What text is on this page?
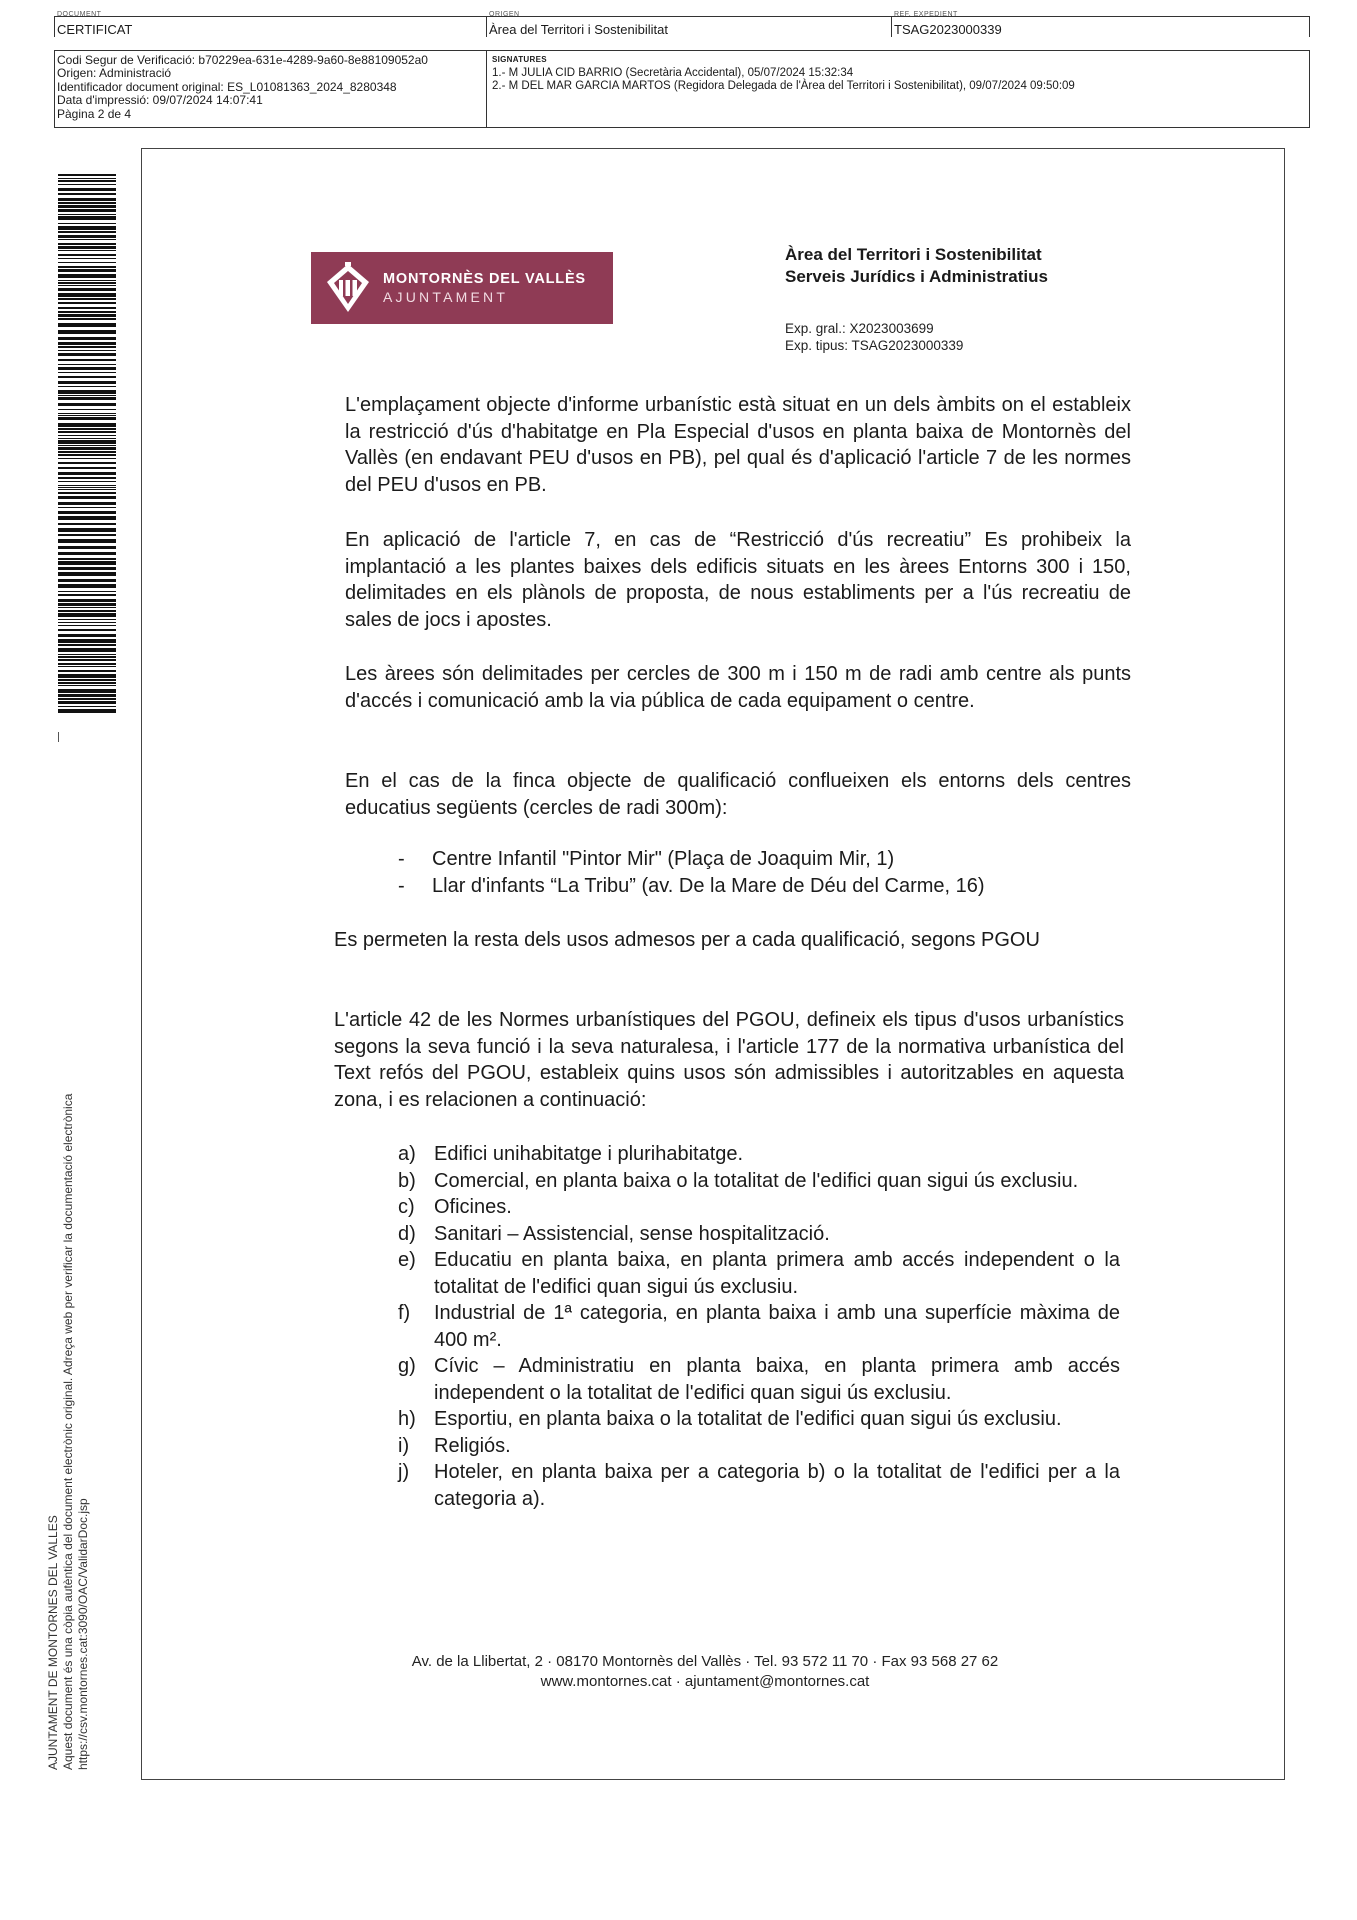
DOCUMENT
CERTIFICAT
ORIGEN
Àrea del Territori i Sostenibilitat
REF. EXPEDIENT
TSAG2023000339
Codi Segur de Verificació: b70229ea-631e-4289-9a60-8e88109052a0
Origen: Administració
Identificador document original: ES_L01081363_2024_8280348
Data d'impressió: 09/07/2024 14:07:41
Pàgina 2 de 4
SIGNATURES
1.- M JULIA CID BARRIO (Secretària Accidental), 05/07/2024 15:32:34
2.- M DEL MAR GARCIA MARTOS (Regidora Delegada de l'Àrea del Territori i Sostenibilitat), 09/07/2024 09:50:09
AJUNTAMENT DE MONTORNES DEL VALLES Aquest document és una còpia autèntica del document electrònic original. Adreça web per verificar la documentació electrònica https://csv.montornes.cat:3090/OAC/ValidarDoc.jsp
MONTORNÈS DEL VALLÈS
AJUNTAMENT
Àrea del Territori i Sostenibilitat
Serveis Jurídics i Administratius
Exp. gral.: X2023003699
Exp. tipus: TSAG2023000339
L'emplaçament objecte d'informe urbanístic està situat en un dels àmbits on el estableix la restricció d'ús d'habitatge en Pla Especial d'usos en planta baixa de Montornès del Vallès (en endavant PEU d'usos en PB), pel qual és d'aplicació l'article 7 de les normes del PEU d'usos en PB.
En aplicació de l'article 7, en cas de “Restricció d'ús recreatiu” Es prohibeix la implantació a les plantes baixes dels edificis situats en les àrees Entorns 300 i 150, delimitades en els plànols de proposta, de nous establiments per a l'ús recreatiu de sales de jocs i apostes.
Les àrees són delimitades per cercles de 300 m i 150 m de radi amb centre als punts d'accés i comunicació amb la via pública de cada equipament o centre.
En el cas de la finca objecte de qualificació conflueixen els entorns dels centres educatius següents (cercles de radi 300m):
-	Centre Infantil "Pintor Mir" (Plaça de Joaquim Mir, 1)
-	Llar d'infants “La Tribu” (av. De la Mare de Déu del Carme, 16)
Es permeten la resta dels usos admesos per a cada qualificació, segons PGOU
L'article 42 de les Normes urbanístiques del PGOU, defineix els tipus d'usos urbanístics segons la seva funció i la seva naturalesa, i l'article 177 de la normativa urbanística del Text refós del PGOU, estableix quins usos són admissibles i autoritzables en aquesta zona, i es relacionen a continuació:
a) Edifici unihabitatge i plurihabitatge.
b) Comercial, en planta baixa o la totalitat de l'edifici quan sigui ús exclusiu.
c) Oficines.
d) Sanitari – Assistencial, sense hospitalització.
e) Educatiu en planta baixa, en planta primera amb accés independent o la totalitat de l'edifici quan sigui ús exclusiu.
f)	Industrial de 1ª categoria, en planta baixa i amb una superfície màxima de 400 m².
g) Cívic – Administratiu en planta baixa, en planta primera amb accés independent o la totalitat de l'edifici quan sigui ús exclusiu.
h) Esportiu, en planta baixa o la totalitat de l'edifici quan sigui ús exclusiu.
i)	Religiós.
j)	Hoteler, en planta baixa per a categoria b) o la totalitat de l'edifici per a la categoria a).
Av. de la Llibertat, 2 · 08170 Montornès del Vallès · Tel. 93 572 11 70 · Fax 93 568 27 62
www.montornes.cat · ajuntament@montornes.cat
